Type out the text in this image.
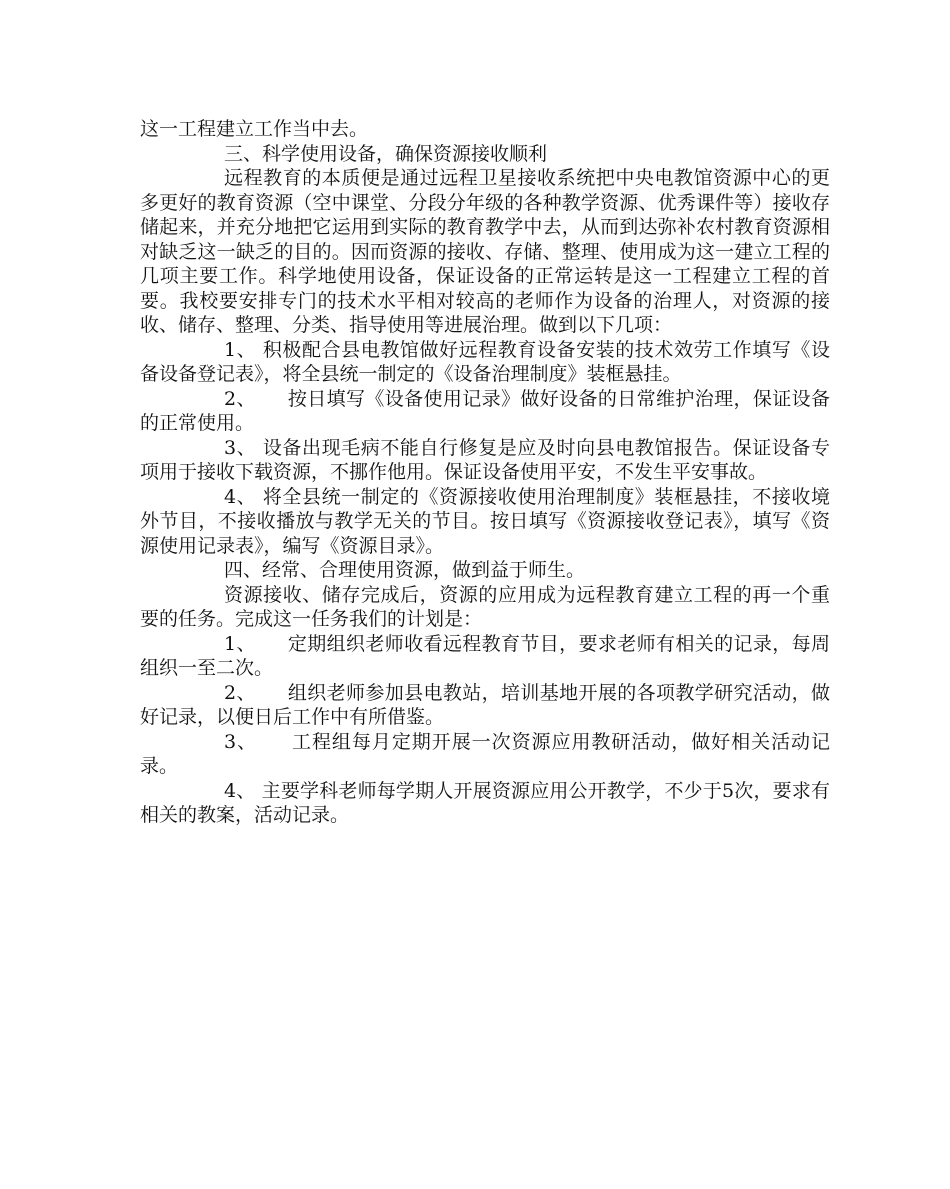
这一工程建立工作当中去。

三、科学使用设备，确保资源接收顺利

远程教育的本质便是通过远程卫星接收系统把中央电教馆资源中心的更多更好的教育资源（空中课堂、分段分年级的各种教学资源、优秀课件等）接收存储起来，并充分地把它运用到实际的教育教学中去，从而到达弥补农村教育资源相对缺乏这一缺乏的目的。因而资源的接收、存储、整理、使用成为这一建立工程的几项主要工作。科学地使用设备，保证设备的正常运转是这一工程建立工程的首要。我校要安排专门的技术水平相对较高的老师作为设备的治理人，对资源的接收、储存、整理、分类、指导使用等进展治理。做到以下几项：

1、 积极配合县电教馆做好远程教育设备安装的技术效劳工作填写《设备设备登记表》，将全县统一制定的《设备治理制度》装框悬挂。

2、     按日填写《设备使用记录》做好设备的日常维护治理，保证设备的正常使用。

3、 设备出现毛病不能自行修复是应及时向县电教馆报告。保证设备专项用于接收下载资源，不挪作他用。保证设备使用平安，不发生平安事故。

4、 将全县统一制定的《资源接收使用治理制度》装框悬挂，不接收境外节目，不接收播放与教学无关的节目。按日填写《资源接收登记表》，填写《资源使用记录表》，编写《资源目录》。

四、经常、合理使用资源，做到益于师生。

资源接收、储存完成后，资源的应用成为远程教育建立工程的再一个重要的任务。完成这一任务我们的计划是：

1、     定期组织老师收看远程教育节目，要求老师有相关的记录，每周组织一至二次。

2、     组织老师参加县电教站，培训基地开展的各项教学研究活动，做好记录，以便日后工作中有所借鉴。

3、     工程组每月定期开展一次资源应用教研活动，做好相关活动记录。

4、 主要学科老师每学期人开展资源应用公开教学，不少于5次，要求有相关的教案，活动记录。
